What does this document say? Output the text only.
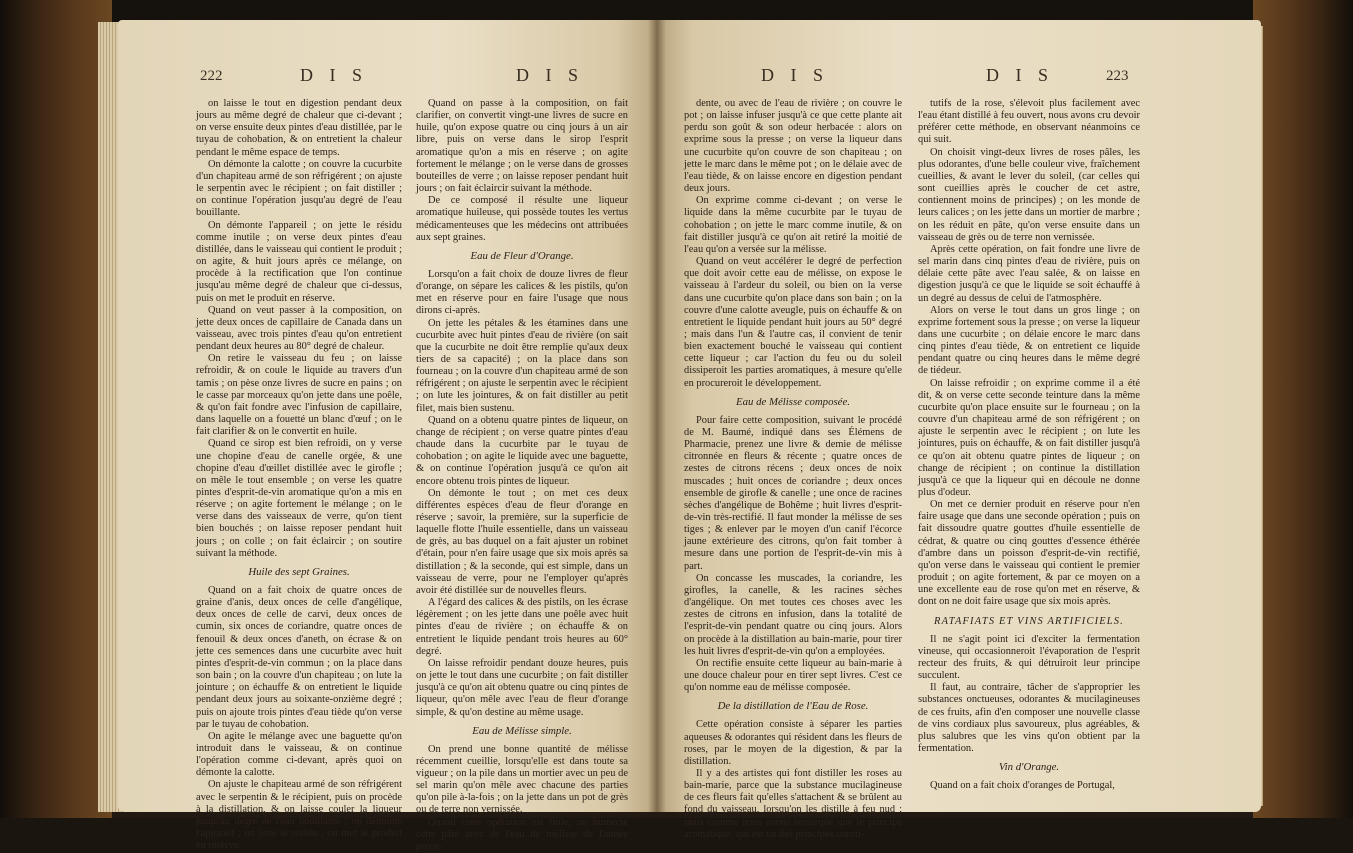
222	D I S	D I S

on laisse le tout en digestion pendant deux jours au même degré de chaleur que ci-devant ; on verse ensuite deux pintes d'eau distillée, par le tuyau de cohobation, & on entretient la chaleur pendant le même espace de temps.

On démonte la calotte ; on couvre la cucurbite d'un chapiteau armé de son réfrigérent ; on ajuste le serpentin avec le récipient ; on fait distiller ; on continue l'opération jusqu'au degré de l'eau bouillante.

On démonte l'appareil ; on jette le résidu comme inutile ; on verse deux pintes d'eau distillée, dans le vaisseau qui contient le produit ; on agite, & huit jours après ce mélange, on procède à la rectification que l'on continue jusqu'au même degré de chaleur que ci-dessus, puis on met le produit en réserve.

Quand on veut passer à la composition, on jette deux onces de capillaire de Canada dans un vaisseau, avec trois pintes d'eau qu'on entretient pendant deux heures au 80° degré de chaleur.

On retire le vaisseau du feu ; on laisse refroidir, & on coule le liquide au travers d'un tamis ; on pèse onze livres de sucre en pains ; on le casse par morceaux qu'on jette dans une poêle, & qu'on fait fondre avec l'infusion de capillaire, dans laquelle on a fouetté un blanc d'œuf ; on le fait clarifier & on le convertit en huile.

Quand ce sirop est bien refroidi, on y verse une chopine d'eau de canelle orgée, & une chopine d'eau d'œillet distillée avec le girofle ; on mêle le tout ensemble ; on verse les quatre pintes d'esprit-de-vin aromatique qu'on a mis en réserve ; on agite fortement le mélange ; on le verse dans des vaisseaux de verre, qu'on tient bien bouchés ; on laisse reposer pendant huit jours ; on colle ; on fait éclaircir ; on soutire suivant la méthode.

Huile des sept Graines.

Quand on a fait choix de quatre onces de graine d'anis, deux onces de celle d'angélique, deux onces de celle de carvi, deux onces de cumin, six onces de coriandre, quatre onces de fenouil & deux onces d'aneth, on écrase & on jette ces semences dans une cucurbite avec huit pintes d'esprit-de-vin commun ; on la place dans son bain ; on la couvre d'un chapiteau ; on lute la jointure ; on échauffe & on entretient le liquide pendant deux jours au soixante-onzième degré ; puis on ajoute trois pintes d'eau tiède qu'on verse par le tuyau de cohobation.

On agite le mélange avec une baguette qu'on introduit dans le vaisseau, & on continue l'opération comme ci-devant, après quoi on démonte la calotte.

On ajuste le chapiteau armé de son réfrigérent avec le serpentin & le récipient, puis on procède à la distillation, & on laisse couler la liqueur jusqu'au degré de l'eau bouillante ; on démonte l'appareil ; on jette le résidu ; on met le produit en réserve.

Quand on passe à la composition, on fait clarifier, on convertit vingt-une livres de sucre en huile, qu'on expose quatre ou cinq jours à un air libre, puis on verse dans le sirop l'esprit aromatique qu'on a mis en réserve ; on agite fortement le mélange ; on le verse dans de grosses bouteilles de verre ; on laisse reposer pendant huit jours ; on fait éclaircir suivant la méthode.

De ce composé il résulte une liqueur aromatique huileuse, qui possède toutes les vertus médicamenteuses que les médecins ont attribuées aux sept graines.

Eau de Fleur d'Orange.

Lorsqu'on a fait choix de douze livres de fleur d'orange, on sépare les calices & les pistils, qu'on met en réserve pour en faire l'usage que nous dirons ci-après.

On jette les pétales & les étamines dans une cucurbite avec huit pintes d'eau de rivière (on sait que la cucurbite ne doit être remplie qu'aux deux tiers de sa capacité) ; on la place dans son fourneau ; on la couvre d'un chapiteau armé de son réfrigérent ; on ajuste le serpentin avec le récipient ; on lute les jointures, & on fait distiller au petit filet, mais bien sustenu.

Quand on a obtenu quatre pintes de liqueur, on change de récipient ; on verse quatre pintes d'eau chaude dans la cucurbite par le tuyau de cohobation ; on agite le liquide avec une baguette, & on continue l'opération jusqu'à ce qu'on ait encore obtenu trois pintes de liqueur.

On démonte le tout ; on met ces deux différentes espèces d'eau de fleur d'orange en réserve ; savoir, la première, sur la superficie de laquelle flotte l'huile essentielle, dans un vaisseau de grès, au bas duquel on a fait ajuster un robinet d'étain, pour n'en faire usage que six mois après sa distillation ; & la seconde, qui est simple, dans un vaisseau de verre, pour ne l'employer qu'après avoir été distillée sur de nouvelles fleurs.

A l'égard des calices & des pistils, on les écrase légèrement ; on les jette dans une poêle avec huit pintes d'eau de rivière ; on échauffe & on entretient le liquide pendant trois heures au 60° degré.

On laisse refroidir pendant douze heures, puis on jette le tout dans une cucurbite ; on fait distiller jusqu'à ce qu'on ait obtenu quatre ou cinq pintes de liqueur, qu'on mêle avec l'eau de fleur d'orange simple, & qu'on destine au même usage.

Eau de Mélisse simple.

On prend une bonne quantité de mélisse récemment cueillie, lorsqu'elle est dans toute sa vigueur ; on la pile dans un mortier avec un peu de sel marin qu'on mêle avec chacune des parties qu'on pile à-la-fois ; on la jette dans un pot de grès ou de terre non vernissée.

Quand cette opération est finie, on humecte cette pâte avec de l'eau de mélisse de l'année précé-

D I S	D I S	223

dente, ou avec de l'eau de rivière ; on couvre le pot ; on laisse infuser jusqu'à ce que cette plante ait perdu son goût & son odeur herbacée : alors on exprime sous la presse ; on verse la liqueur dans une cucurbite qu'on couvre de son chapiteau ; on jette le marc dans le même pot ; on le délaie avec de l'eau tiède, & on laisse encore en digestion pendant deux jours.

On exprime comme ci-devant ; on verse le liquide dans la même cucurbite par le tuyau de cohobation ; on jette le marc comme inutile, & on fait distiller jusqu'à ce qu'on ait retiré la moitié de l'eau qu'on a versée sur la mélisse.

Quand on veut accélérer le degré de perfection que doit avoir cette eau de mélisse, on expose le vaisseau à l'ardeur du soleil, ou bien on la verse dans une cucurbite qu'on place dans son bain ; on la couvre d'une calotte aveugle, puis on échauffe & on entretient le liquide pendant huit jours au 50° degré ; mais dans l'un & l'autre cas, il convient de tenir bien exactement bouché le vaisseau qui contient cette liqueur ; car l'action du feu ou du soleil dissiperoit les parties aromatiques, à mesure qu'elle en procureroit le développement.

Eau de Mélisse composée.

Pour faire cette composition, suivant le procédé de M. Baumé, indiqué dans ses Élémens de Pharmacie, prenez une livre & demie de mélisse citronnée en fleurs & récente ; quatre onces de zestes de citrons récens ; deux onces de noix muscades ; huit onces de coriandre ; deux onces ensemble de girofle & canelle ; une once de racines sèches d'angélique de Bohême ; huit livres d'esprit-de-vin très-rectifié. Il faut monder la mélisse de ses tiges ; & enlever par le moyen d'un canif l'écorce jaune extérieure des citrons, qu'on fait tomber à mesure dans une portion de l'esprit-de-vin mis à part.

On concasse les muscades, la coriandre, les girofles, la canelle, & les racines sèches d'angélique. On met toutes ces choses avec les zestes de citrons en infusion, dans la totalité de l'esprit-de-vin pendant quatre ou cinq jours. Alors on procède à la distillation au bain-marie, pour tirer les huit livres d'esprit-de-vin qu'on a employées.

On rectifie ensuite cette liqueur au bain-marie à une douce chaleur pour en tirer sept livres. C'est ce qu'on nomme eau de mélisse composée.

De la distillation de l'Eau de Rose.

Cette opération consiste à séparer les parties aqueuses & odorantes qui résident dans les fleurs de roses, par le moyen de la digestion, & par la distillation.

Il y a des artistes qui font distiller les roses au bain-marie, parce que la substance mucilagineuse de ces fleurs fait qu'elles s'attachent & se brûlent au fond du vaisseau, lorsqu'on les distille à feu nud ; mais comme nous avons remarqué que le principe aromatique, qui est un des principes consti-

tutifs de la rose, s'élevoit plus facilement avec l'eau étant distillé à feu ouvert, nous avons cru devoir préférer cette méthode, en observant néanmoins ce qui suit.

On choisit vingt-deux livres de roses pâles, les plus odorantes, d'une belle couleur vive, fraîchement cueillies, & avant le lever du soleil, (car celles qui sont cueillies après le coucher de cet astre, contiennent moins de principes) ; on les monde de leurs calices ; on les jette dans un mortier de marbre ; on les réduit en pâte, qu'on verse ensuite dans un vaisseau de grès ou de terre non vernissée.

Après cette opération, on fait fondre une livre de sel marin dans cinq pintes d'eau de rivière, puis on délaie cette pâte avec l'eau salée, & on laisse en digestion jusqu'à ce que le liquide se soit échauffé à un degré au dessus de celui de l'atmosphère.

Alors on verse le tout dans un gros linge ; on exprime fortement sous la presse ; on verse la liqueur dans une cucurbite ; on délaie encore le marc dans cinq pintes d'eau tiède, & on entretient ce liquide pendant quatre ou cinq heures dans le même degré de tiédeur.

On laisse refroidir ; on exprime comme il a été dit, & on verse cette seconde teinture dans la même cucurbite qu'on place ensuite sur le fourneau ; on la couvre d'un chapiteau armé de son réfrigérent ; on ajuste le serpentin avec le récipient ; on lute les jointures, puis on échauffe, & on fait distiller jusqu'à ce qu'on ait obtenu quatre pintes de liqueur ; on change de récipient ; on continue la distillation jusqu'à ce que la liqueur qui en découle ne donne plus d'odeur.

On met ce dernier produit en réserve pour n'en faire usage que dans une seconde opération ; puis on fait dissoudre quatre gouttes d'huile essentielle de cédrat, & quatre ou cinq gouttes d'essence éthérée d'ambre dans un poisson d'esprit-de-vin rectifié, qu'on verse dans le vaisseau qui contient le premier produit ; on agite fortement, & par ce moyen on a une excellente eau de rose qu'on met en réserve, & dont on ne doit faire usage que six mois après.

RATAFIATS ET VINS ARTIFICIELS.

Il ne s'agit point ici d'exciter la fermentation vineuse, qui occasionneroit l'évaporation de l'esprit recteur des fruits, & qui détruiroit leur principe succulent.

Il faut, au contraire, tâcher de s'approprier les substances onctueuses, odorantes & mucilagineuses de ces fruits, afin d'en composer une nouvelle classe de vins cordiaux plus savoureux, plus agréables, & plus salubres que les vins qu'on obtient par la fermentation.

Vin d'Orange.

Quand on a fait choix d'oranges de Portugal,
